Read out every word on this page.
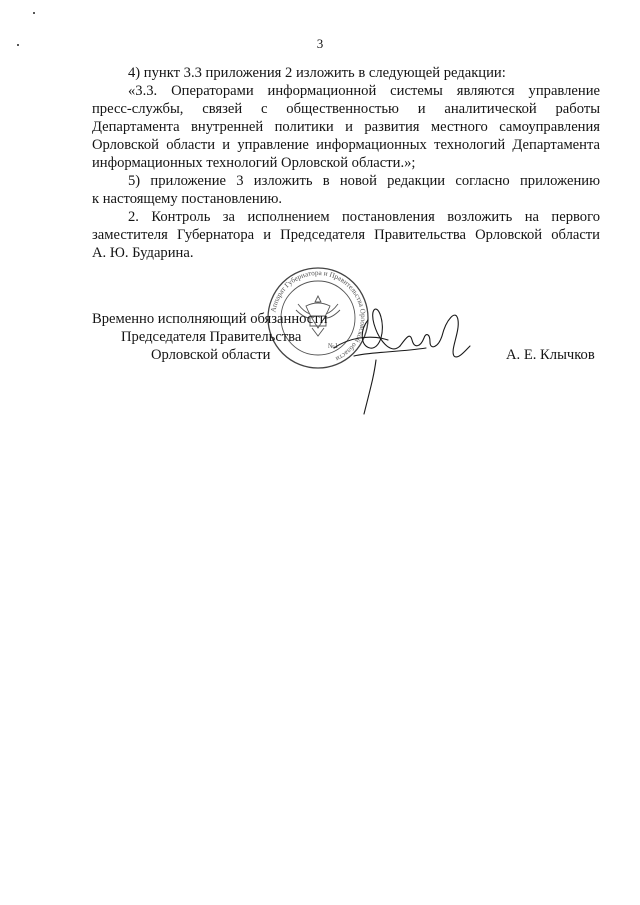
3

4) пункт 3.3 приложения 2 изложить в следующей редакции:

«3.3. Операторами информационной системы являются управление
пресс-службы, связей с общественностью и аналитической работы
Департамента внутренней политики и развития местного самоуправления
Орловской области и управление информационных технологий Департамента
информационных технологий Орловской области.»;

5) приложение 3 изложить в новой редакции согласно приложению
к настоящему постановлению.

2. Контроль за исполнением постановления возложить на первого
заместителя Губернатора и Председателя Правительства Орловской области
А. Ю. Бударина.

Аппарат Губернатора и Правительства Орловской области
№1
Временно исполняющий обязанности
Председателя Правительства
Орловской области	А. Е. Клычков
